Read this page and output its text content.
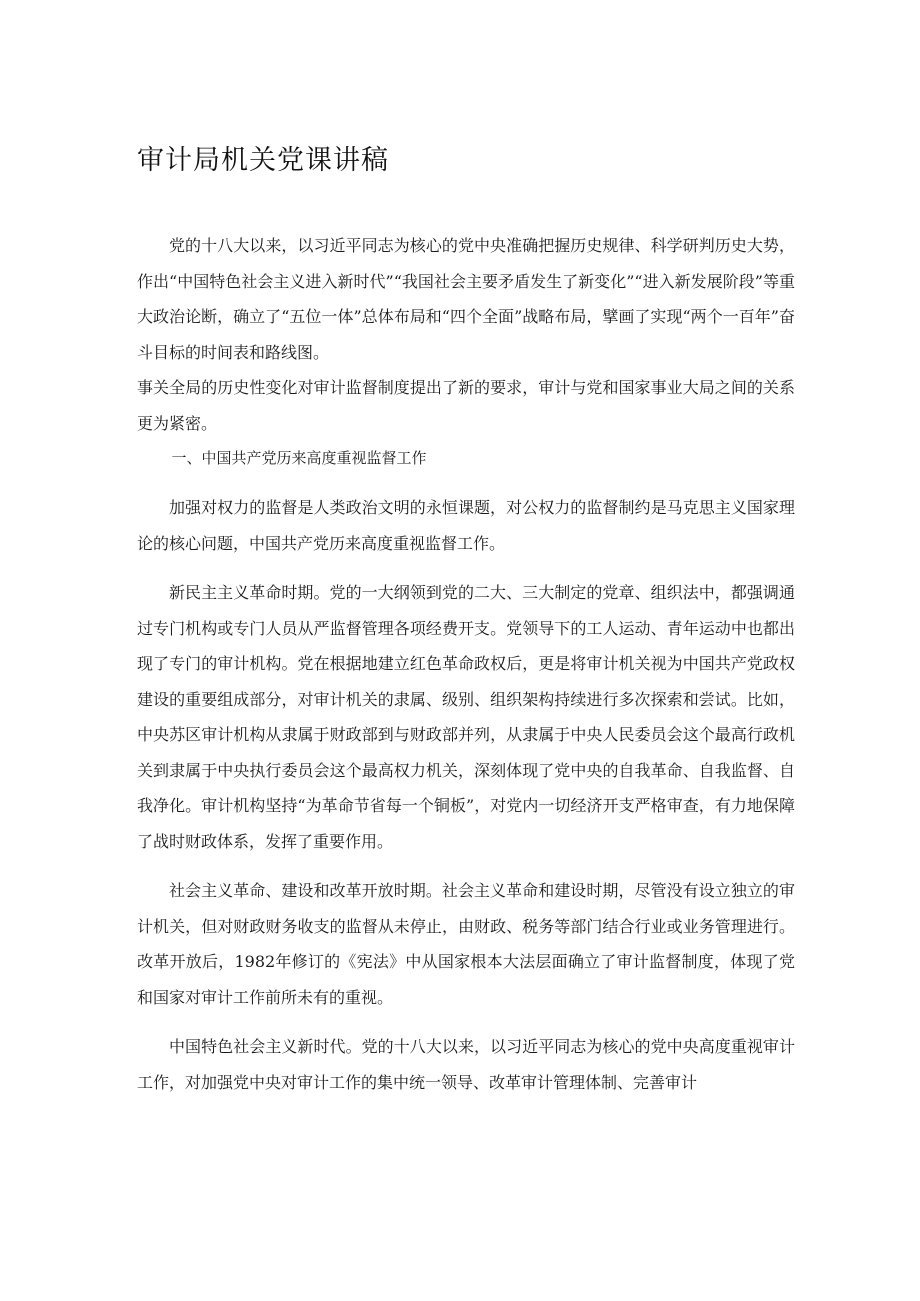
审计局机关党课讲稿

党的十八大以来，以习近平同志为核心的党中央准确把握历史规律、科学研判历史大势，作出“中国特色社会主义进入新时代”“我国社会主要矛盾发生了新变化”“进入新发展阶段”等重大政治论断，确立了“五位一体”总体布局和“四个全面”战略布局，擘画了实现“两个一百年”奋斗目标的时间表和路线图。

事关全局的历史性变化对审计监督制度提出了新的要求，审计与党和国家事业大局之间的关系更为紧密。

一、中国共产党历来高度重视监督工作

加强对权力的监督是人类政治文明的永恒课题，对公权力的监督制约是马克思主义国家理论的核心问题，中国共产党历来高度重视监督工作。

新民主主义革命时期。党的一大纲领到党的二大、三大制定的党章、组织法中，都强调通过专门机构或专门人员从严监督管理各项经费开支。党领导下的工人运动、青年运动中也都出现了专门的审计机构。党在根据地建立红色革命政权后，更是将审计机关视为中国共产党政权建设的重要组成部分，对审计机关的隶属、级别、组织架构持续进行多次探索和尝试。比如，中央苏区审计机构从隶属于财政部到与财政部并列，从隶属于中央人民委员会这个最高行政机关到隶属于中央执行委员会这个最高权力机关，深刻体现了党中央的自我革命、自我监督、自我净化。审计机构坚持“为革命节省每一个铜板”，对党内一切经济开支严格审查，有力地保障了战时财政体系，发挥了重要作用。

社会主义革命、建设和改革开放时期。社会主义革命和建设时期，尽管没有设立独立的审计机关，但对财政财务收支的监督从未停止，由财政、税务等部门结合行业或业务管理进行。改革开放后，1982年修订的《宪法》中从国家根本大法层面确立了审计监督制度，体现了党和国家对审计工作前所未有的重视。

中国特色社会主义新时代。党的十八大以来，以习近平同志为核心的党中央高度重视审计工作，对加强党中央对审计工作的集中统一领导、改革审计管理体制、完善审计
